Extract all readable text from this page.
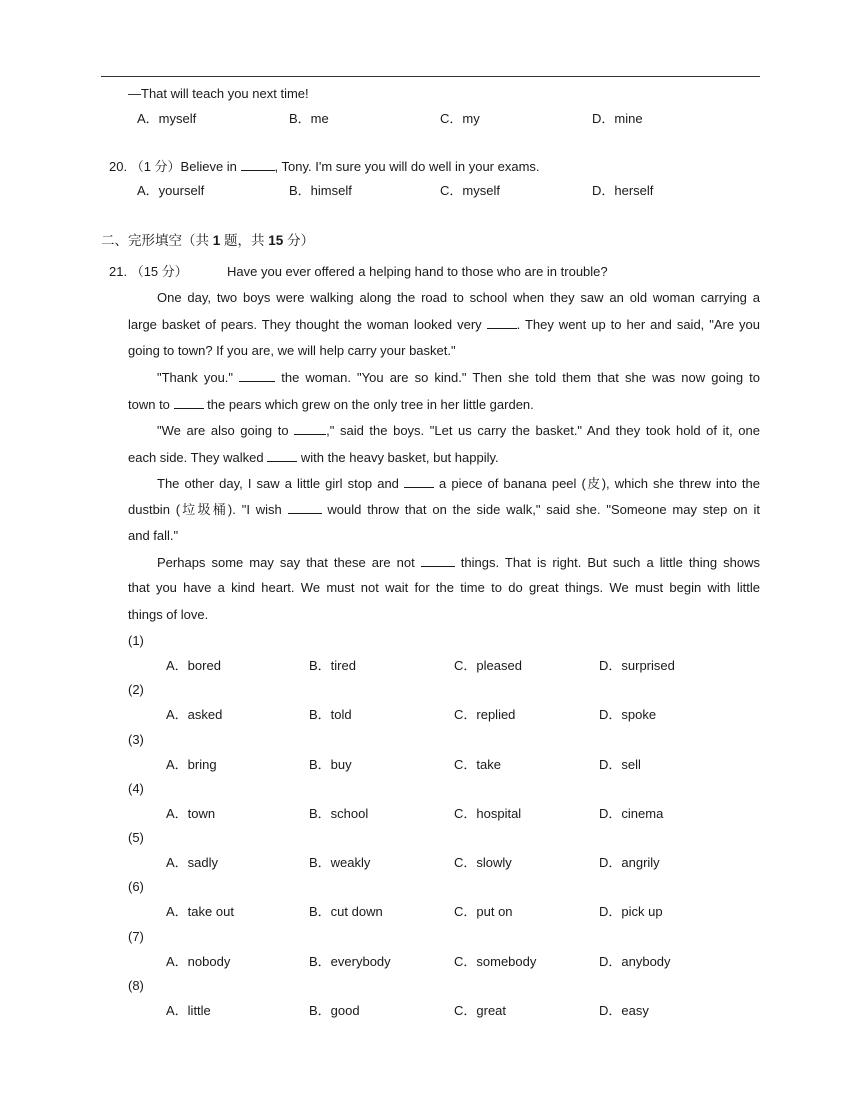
—That will teach you next time!
A．myself	B．me	C．my	D．mine
20. （1 分）Believe in	, Tony. I'm sure you will do well in your exams.
A．yourself	B．himself	C．myself	D．herself
二、完形填空（共 1 题，共 15 分）
21. （15 分）	Have you ever offered a helping hand to those who are in trouble?
One day, two boys were walking along the road to school when they saw an old woman carrying a
large basket of pears. They thought the woman looked very . They went up to her and said, "Are you
going to town? If you are, we will help carry your basket."
"Thank you."	the woman. "You are so kind." Then she told them that she was now going to
town to  the pears which grew on the only tree in her little garden.
"We are also going to ," said the boys. "Let us carry the basket." And they took hold of it, one
each side. They walked  with the heavy basket, but happily.
The other day, I saw a little girl stop and  a piece of banana peel (皮), which she threw into the
dustbin (垃圾桶). "I wish	would throw that on the side walk," said she. "Someone may step on it
and fall."
Perhaps some may say that these are not	things. That is right. But such a little thing shows
that you have a kind heart. We must not wait for the time to do great things. We must begin with little
things of love.
(1)
A．bored	B．tired	C．pleased	D．surprised
(2)
A．asked	B．told	C．replied	D．spoke
(3)
A．bring	B．buy	C．take	D．sell
(4)
A．town	B．school	C．hospital	D．cinema
(5)
A．sadly	B．weakly	C．slowly	D．angrily
(6)
A．take out	B．cut down	C．put on	D．pick up
(7)
A．nobody	B．everybody	C．somebody	D．anybody
(8)
A．little	B．good	C．great	D．easy
